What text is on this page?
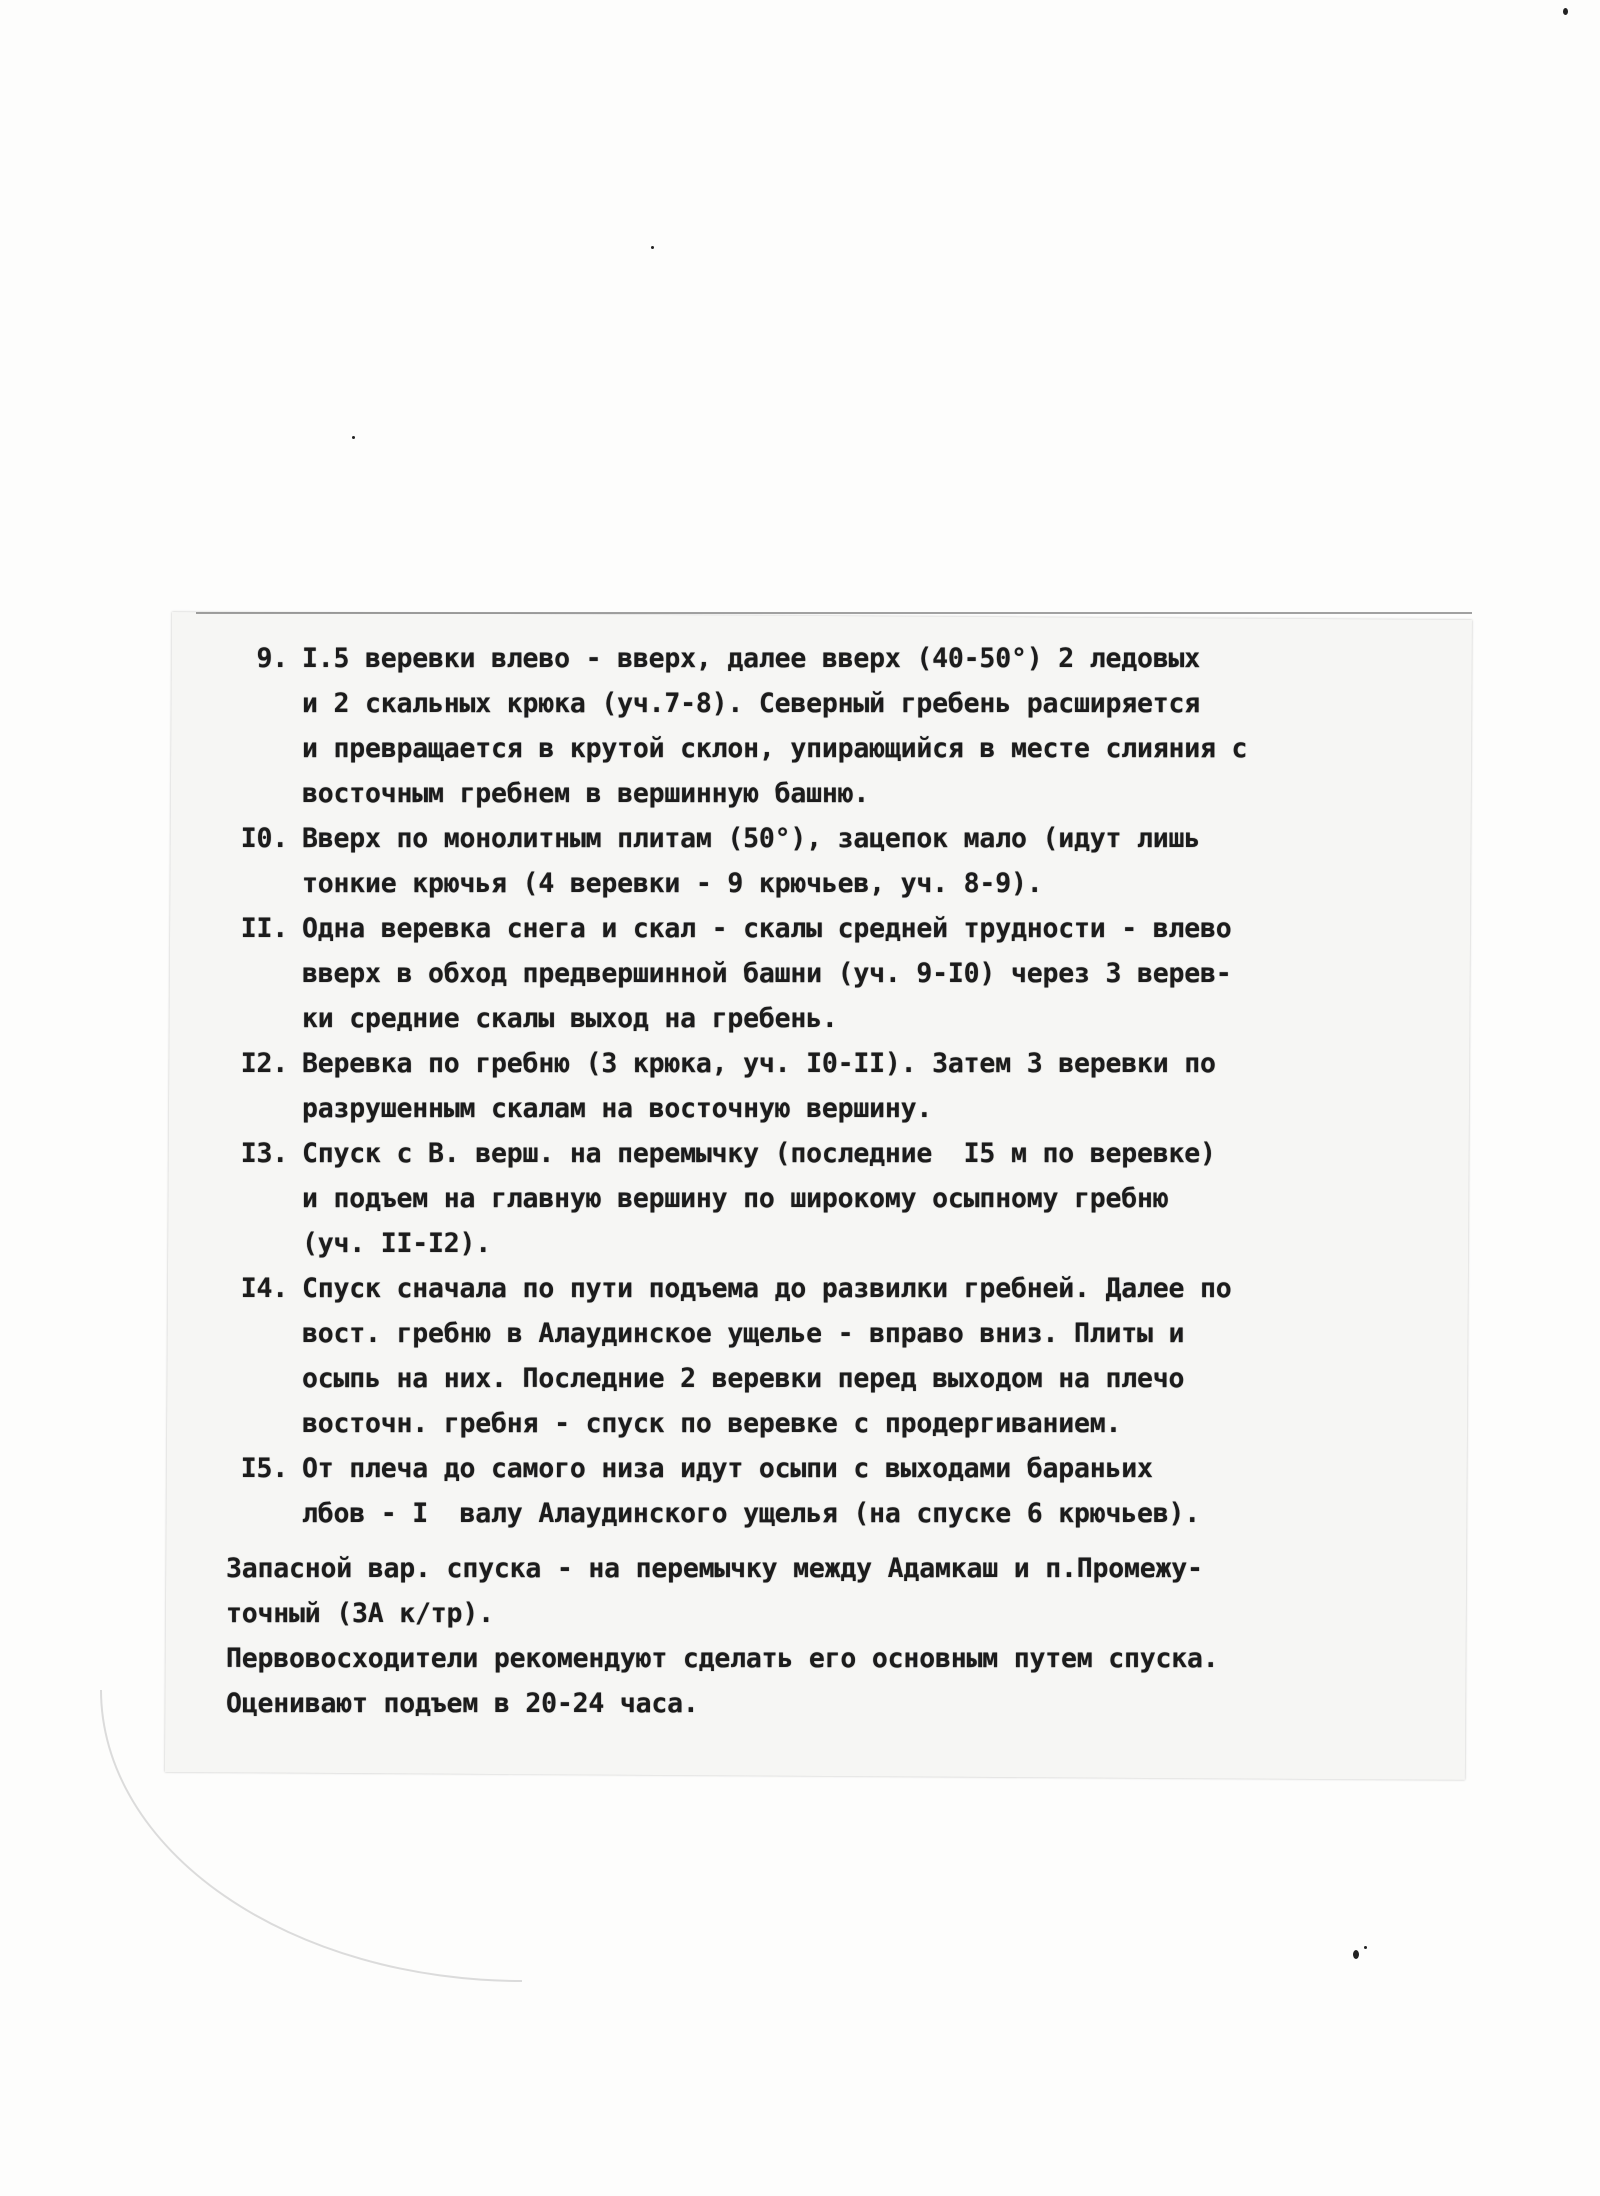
9. I.5 веревки влево - вверх, далее вверх (40-50°) 2 ледовых
и 2 скальных крюка (уч.7-8). Северный гребень расширяется
и превращается в крутой склон, упирающийся в месте слияния с
восточным гребнем в вершинную башню.
I0. Вверх по монолитным плитам (50°), зацепок мало (идут лишь
тонкие крючья (4 веревки - 9 крючьев, уч. 8-9).
II. Одна веревка снега и скал - скалы средней трудности - влево
вверх в обход предвершинной башни (уч. 9-I0) через 3 верев-
ки средние скалы выход на гребень.
I2. Веревка по гребню (3 крюка, уч. I0-II). Затем 3 веревки по
разрушенным скалам на восточную вершину.
I3. Спуск с В. верш. на перемычку (последние  I5 м по веревке)
и подъем на главную вершину по широкому осыпному гребню
(уч. II-I2).
I4. Спуск сначала по пути подъема до развилки гребней. Далее по
вост. гребню в Алаудинское ущелье - вправо вниз. Плиты и
осыпь на них. Последние 2 веревки перед выходом на плечо
восточн. гребня - спуск по веревке с продергиванием.
I5. От плеча до самого низа идут осыпи с выходами бараньих
лбов - I  валу Алаудинского ущелья (на спуске 6 крючьев).
Запасной вар. спуска - на перемычку между Адамкаш и п.Промежу-
точный (3А к/тр).
Первовосходители рекомендуют сделать его основным путем спуска.
Оценивают подъем в 20-24 часа.
